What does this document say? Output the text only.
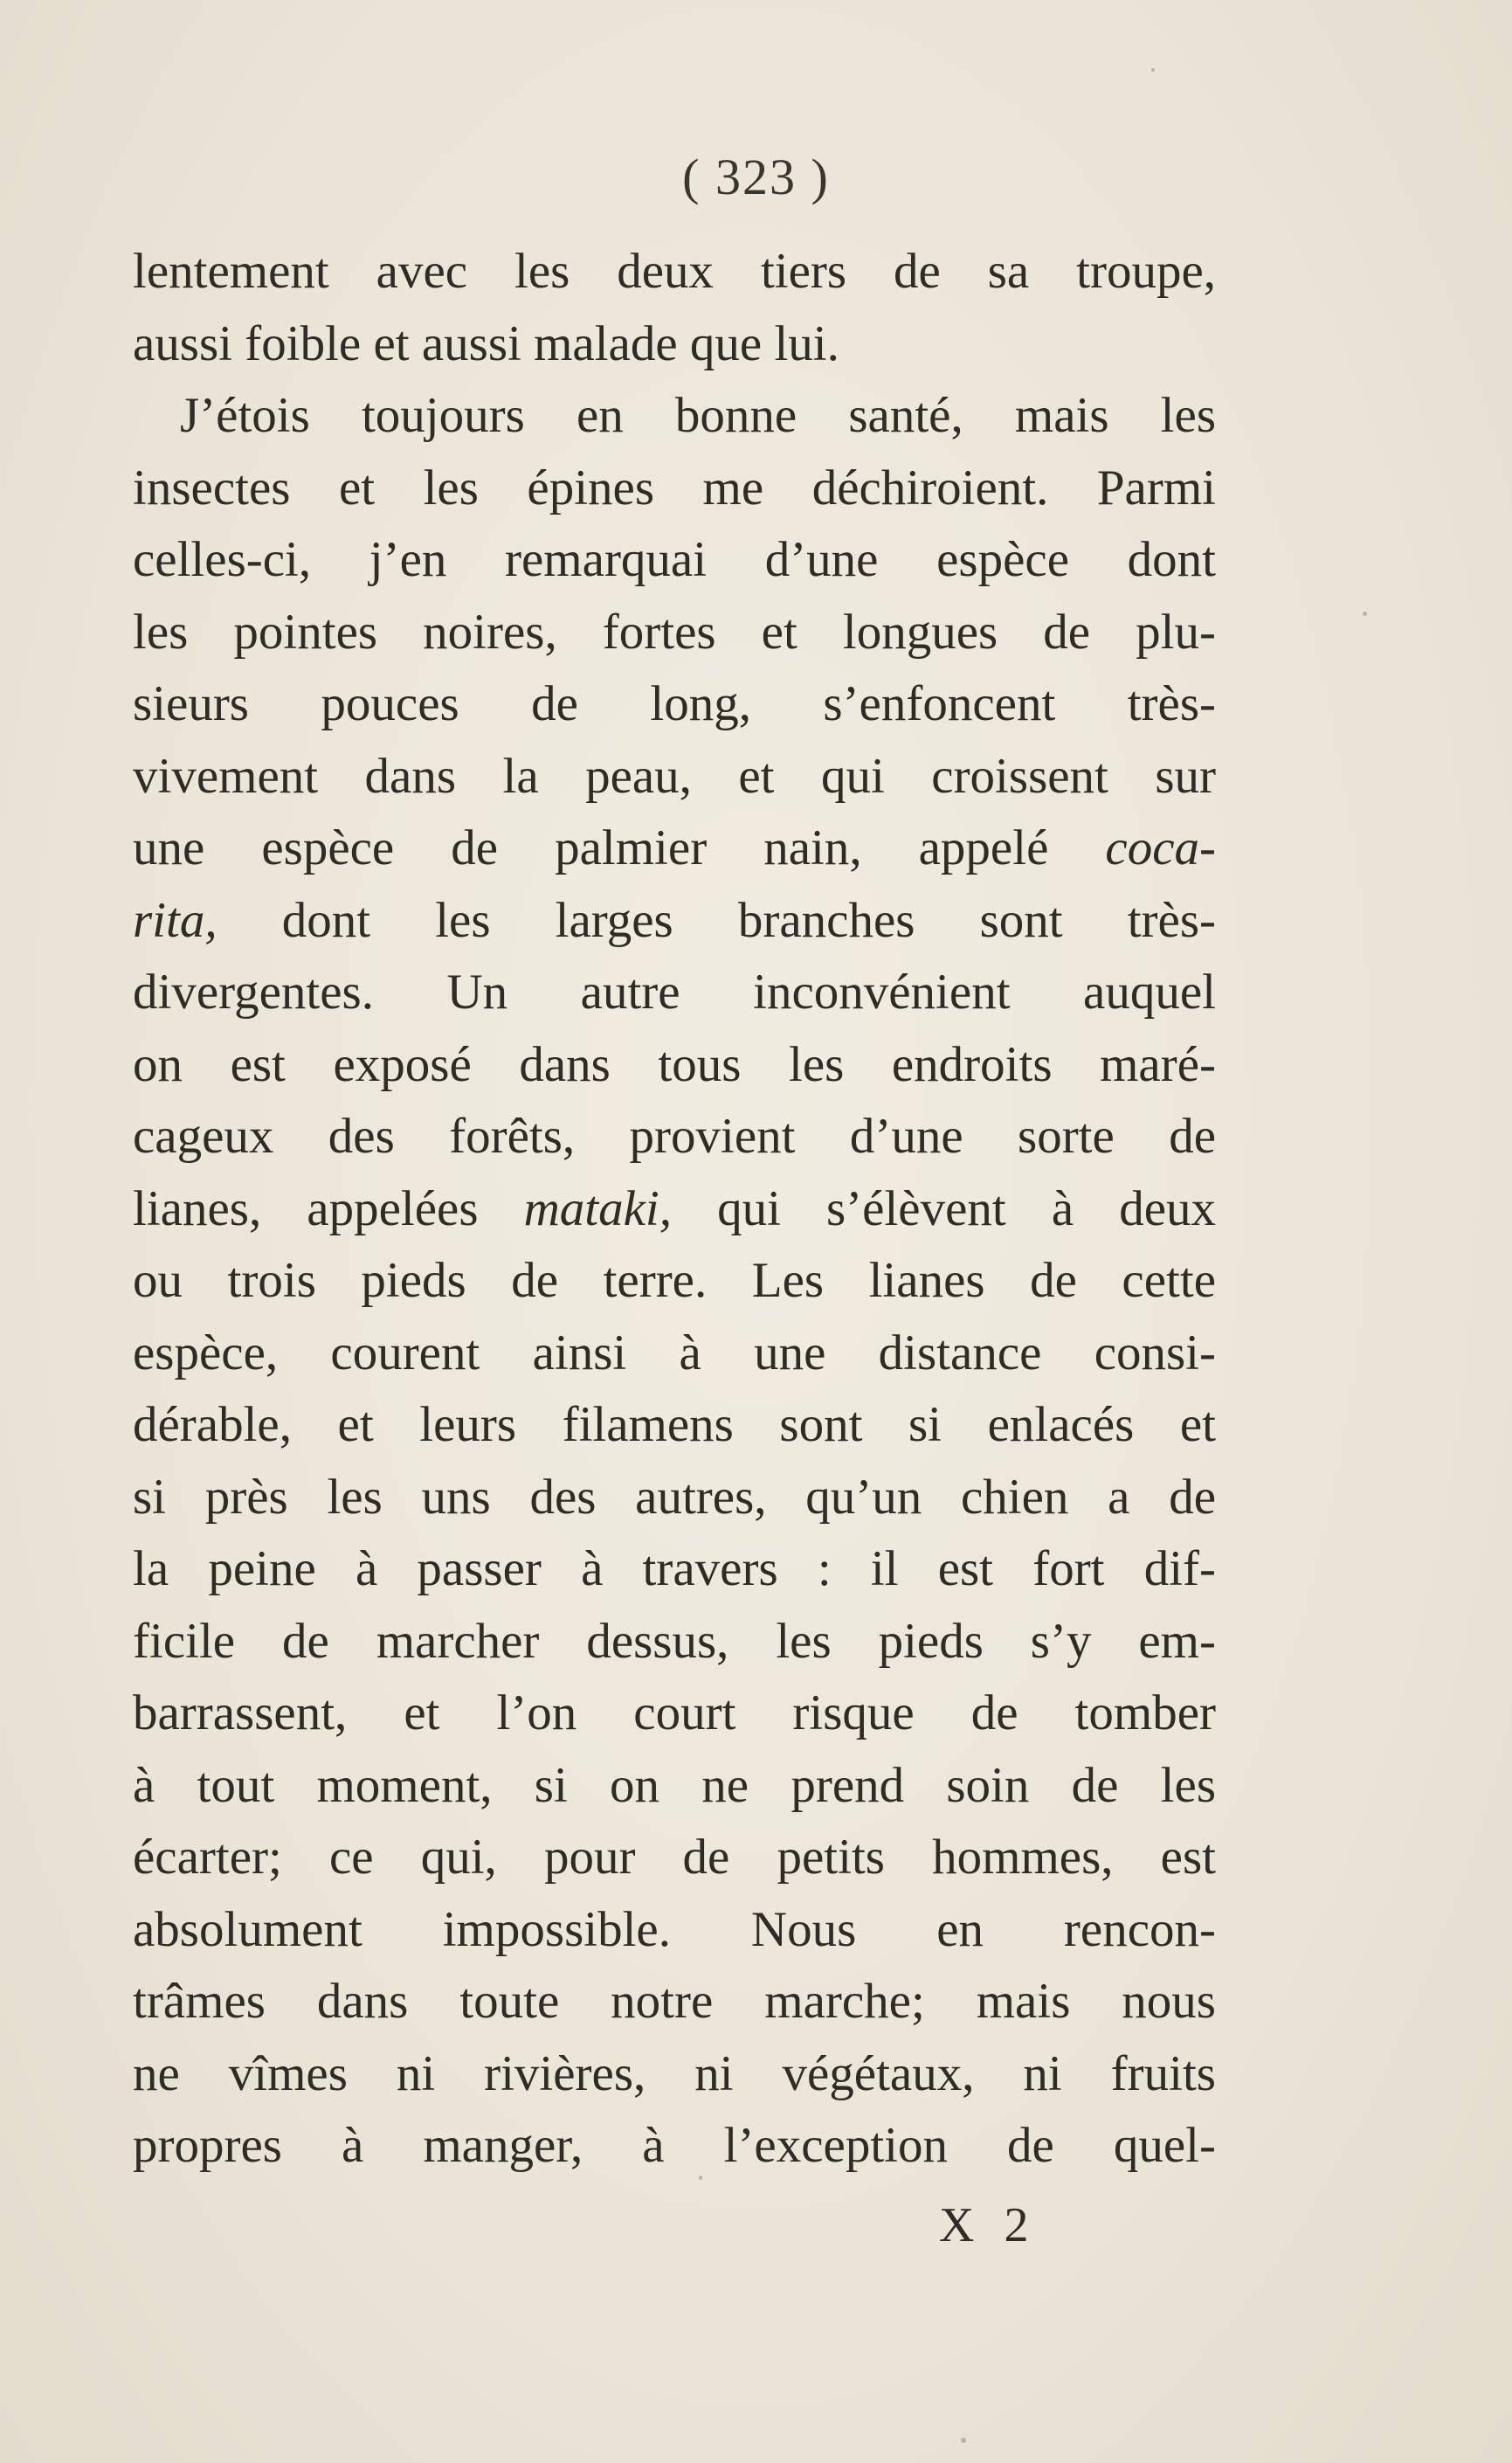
( 323 )
lentement avec les deux tiers de sa troupe,
aussi foible et aussi malade que lui.
J’étois toujours en bonne santé, mais les
insectes et les épines me déchiroient. Parmi
celles-ci, j’en remarquai d’une espèce dont
les pointes noires, fortes et longues de plu-
sieurs pouces de long, s’enfoncent très-
vivement dans la peau, et qui croissent sur
une espèce de palmier nain, appelé coca-
rita, dont les larges branches sont très-
divergentes. Un autre inconvénient auquel
on est exposé dans tous les endroits maré-
cageux des forêts, provient d’une sorte de
lianes, appelées mataki, qui s’élèvent à deux
ou trois pieds de terre. Les lianes de cette
espèce, courent ainsi à une distance consi-
dérable, et leurs filamens sont si enlacés et
si près les uns des autres, qu’un chien a de
la peine à passer à travers : il est fort dif-
ficile de marcher dessus, les pieds s’y em-
barrassent, et l’on court risque de tomber
à tout moment, si on ne prend soin de les
écarter; ce qui, pour de petits hommes, est
absolument impossible. Nous en rencon-
trâmes dans toute notre marche; mais nous
ne vîmes ni rivières, ni végétaux, ni fruits
propres à manger, à l’exception de quel-
X 2
